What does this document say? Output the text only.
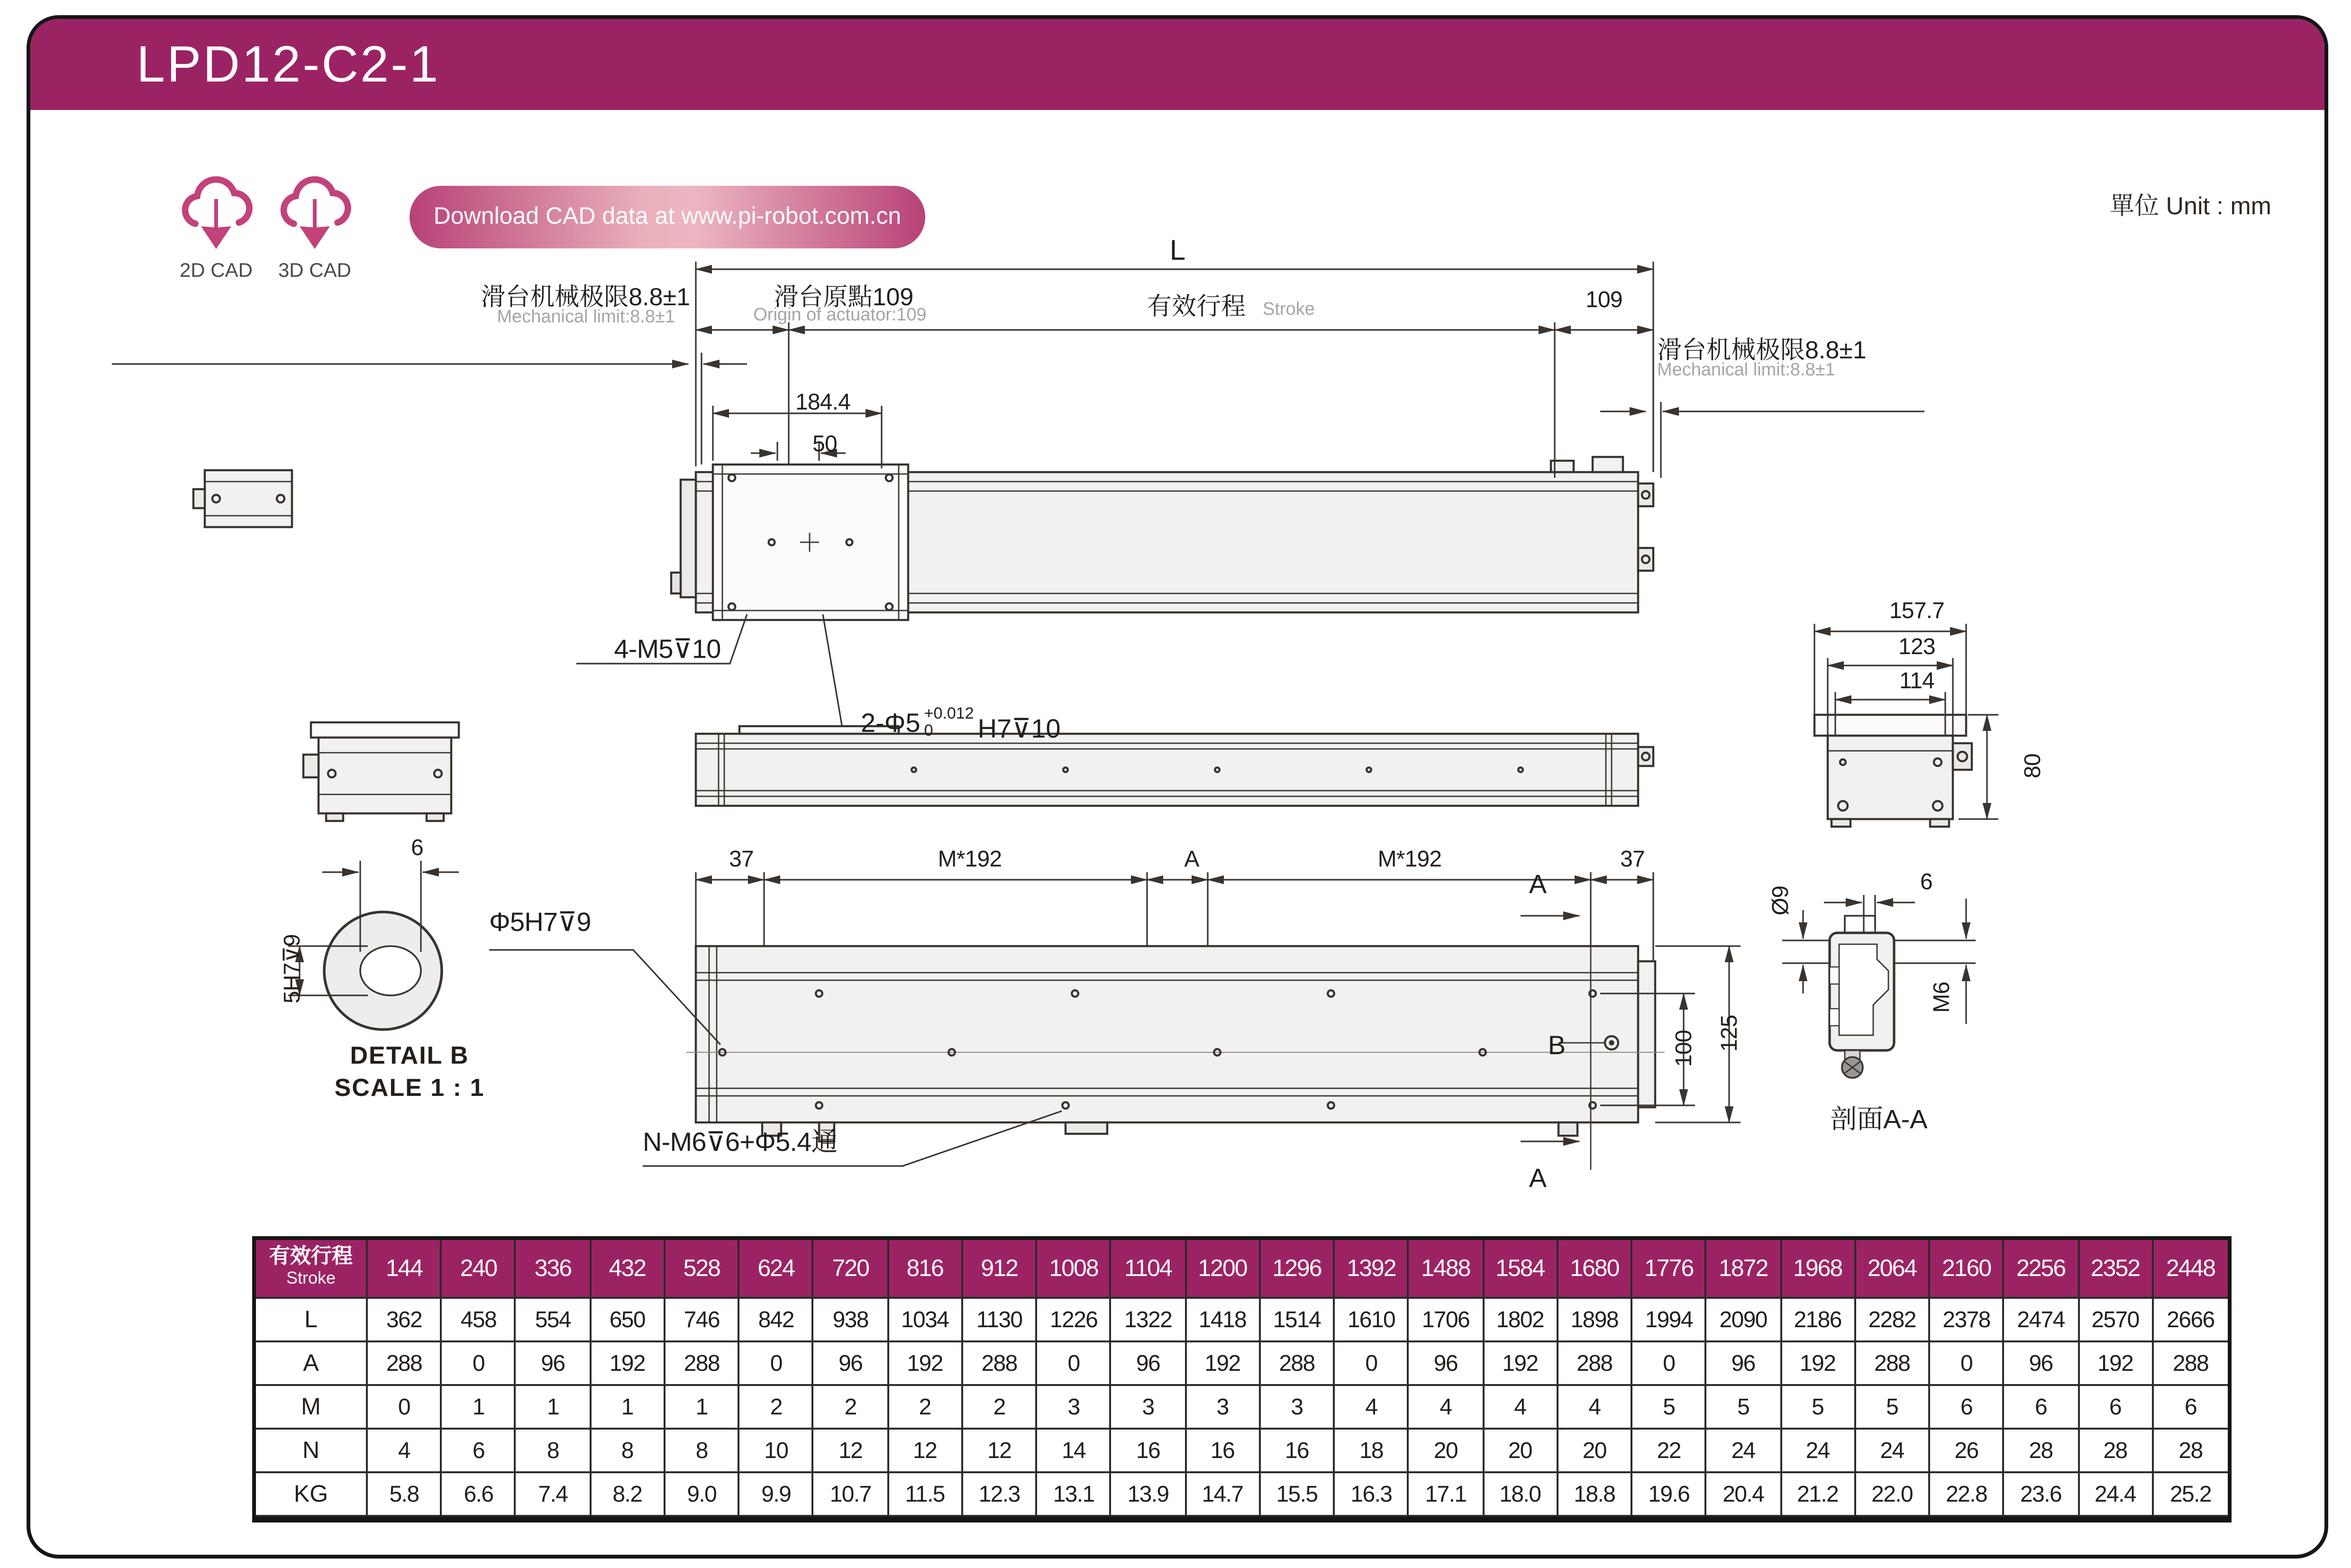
LPD12-C2-1
單位 Unit : mm
2D CAD	3D CAD
Download CAD data at www.pi-robot.com.cn
L
滑台原點109
Origin of actuator:109	有效行程	Stroke	109
滑台机械极限8.8±1
Mechanical limit:8.8±1
滑台机械极限8.8±1
Mechanical limit:8.8±1
184.4
50
4-M5⊽10
2-Φ5 +0.012
0	H7⊽10
157.7
123
114
80
6
5H7⊽9
DETAIL B
SCALE 1 : 1
37	M*192	A	M*192	37
A
A
B	100	125
Φ5H7⊽9
N-M6⊽6+Φ5.4通
Ø9
6
M6
剖面A-A
有效行程
Stroke	144	240	336	432	528	624	720	816	912	1008	1104	1200	1296	1392	1488	1584	1680	1776	1872	1968	2064	2160	2256	2352	2448
L	362	458	554	650	746	842	938	1034	1130	1226	1322	1418	1514	1610	1706	1802	1898	1994	2090	2186	2282	2378	2474	2570	2666
A	288	0	96	192	288	0	96	192	288	0	96	192	288	0	96	192	288	0	96	192	288	0	96	192	288
M	0	1	1	1	1	2	2	2	2	3	3	3	3	4	4	4	4	5	5	5	5	6	6	6	6
N	4	6	8	8	8	10	12	12	12	14	16	16	16	18	20	20	20	22	24	24	24	26	28	28	28
KG	5.8	6.6	7.4	8.2	9.0	9.9	10.7	11.5	12.3	13.1	13.9	14.7	15.5	16.3	17.1	18.0	18.8	19.6	20.4	21.2	22.0	22.8	23.6	24.4	25.2
